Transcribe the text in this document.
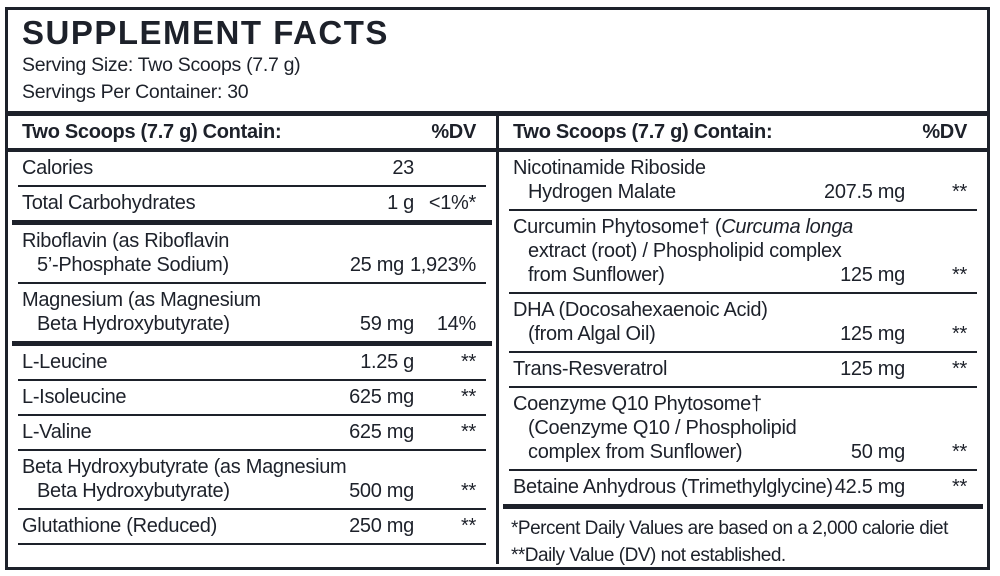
SUPPLEMENT FACTS
Serving Size: Two Scoops (7.7 g)
Servings Per Container: 30
Two Scoops (7.7 g) Contain:	%DV
Calories	23
Total Carbohydrates	1 g <1%*
Riboflavin (as Riboflavin
5’-Phosphate Sodium)	25 mg 1,923%
Magnesium (as Magnesium
Beta Hydroxybutyrate)	59 mg	14%
L-Leucine	1.25 g	**
L-Isoleucine	625 mg	**
L-Valine	625 mg	**
Beta Hydroxybutyrate (as Magnesium
Beta Hydroxybutyrate)	500 mg	**
Glutathione (Reduced)	250 mg	**
Two Scoops (7.7 g) Contain:	%DV
Nicotinamide Riboside
Hydrogen Malate	207.5 mg	**
Curcumin Phytosome† (Curcuma longa
extract (root) / Phospholipid complex
from Sunflower)	125 mg	**
DHA (Docosahexaenoic Acid)
(from Algal Oil)	125 mg	**
Trans-Resveratrol	125 mg	**
Coenzyme Q10 Phytosome†
(Coenzyme Q10 / Phospholipid
complex from Sunflower)	50 mg	**
Betaine Anhydrous (Trimethylglycine) 42.5 mg	**
*Percent Daily Values are based on a 2,000 calorie diet
**Daily Value (DV) not established.
